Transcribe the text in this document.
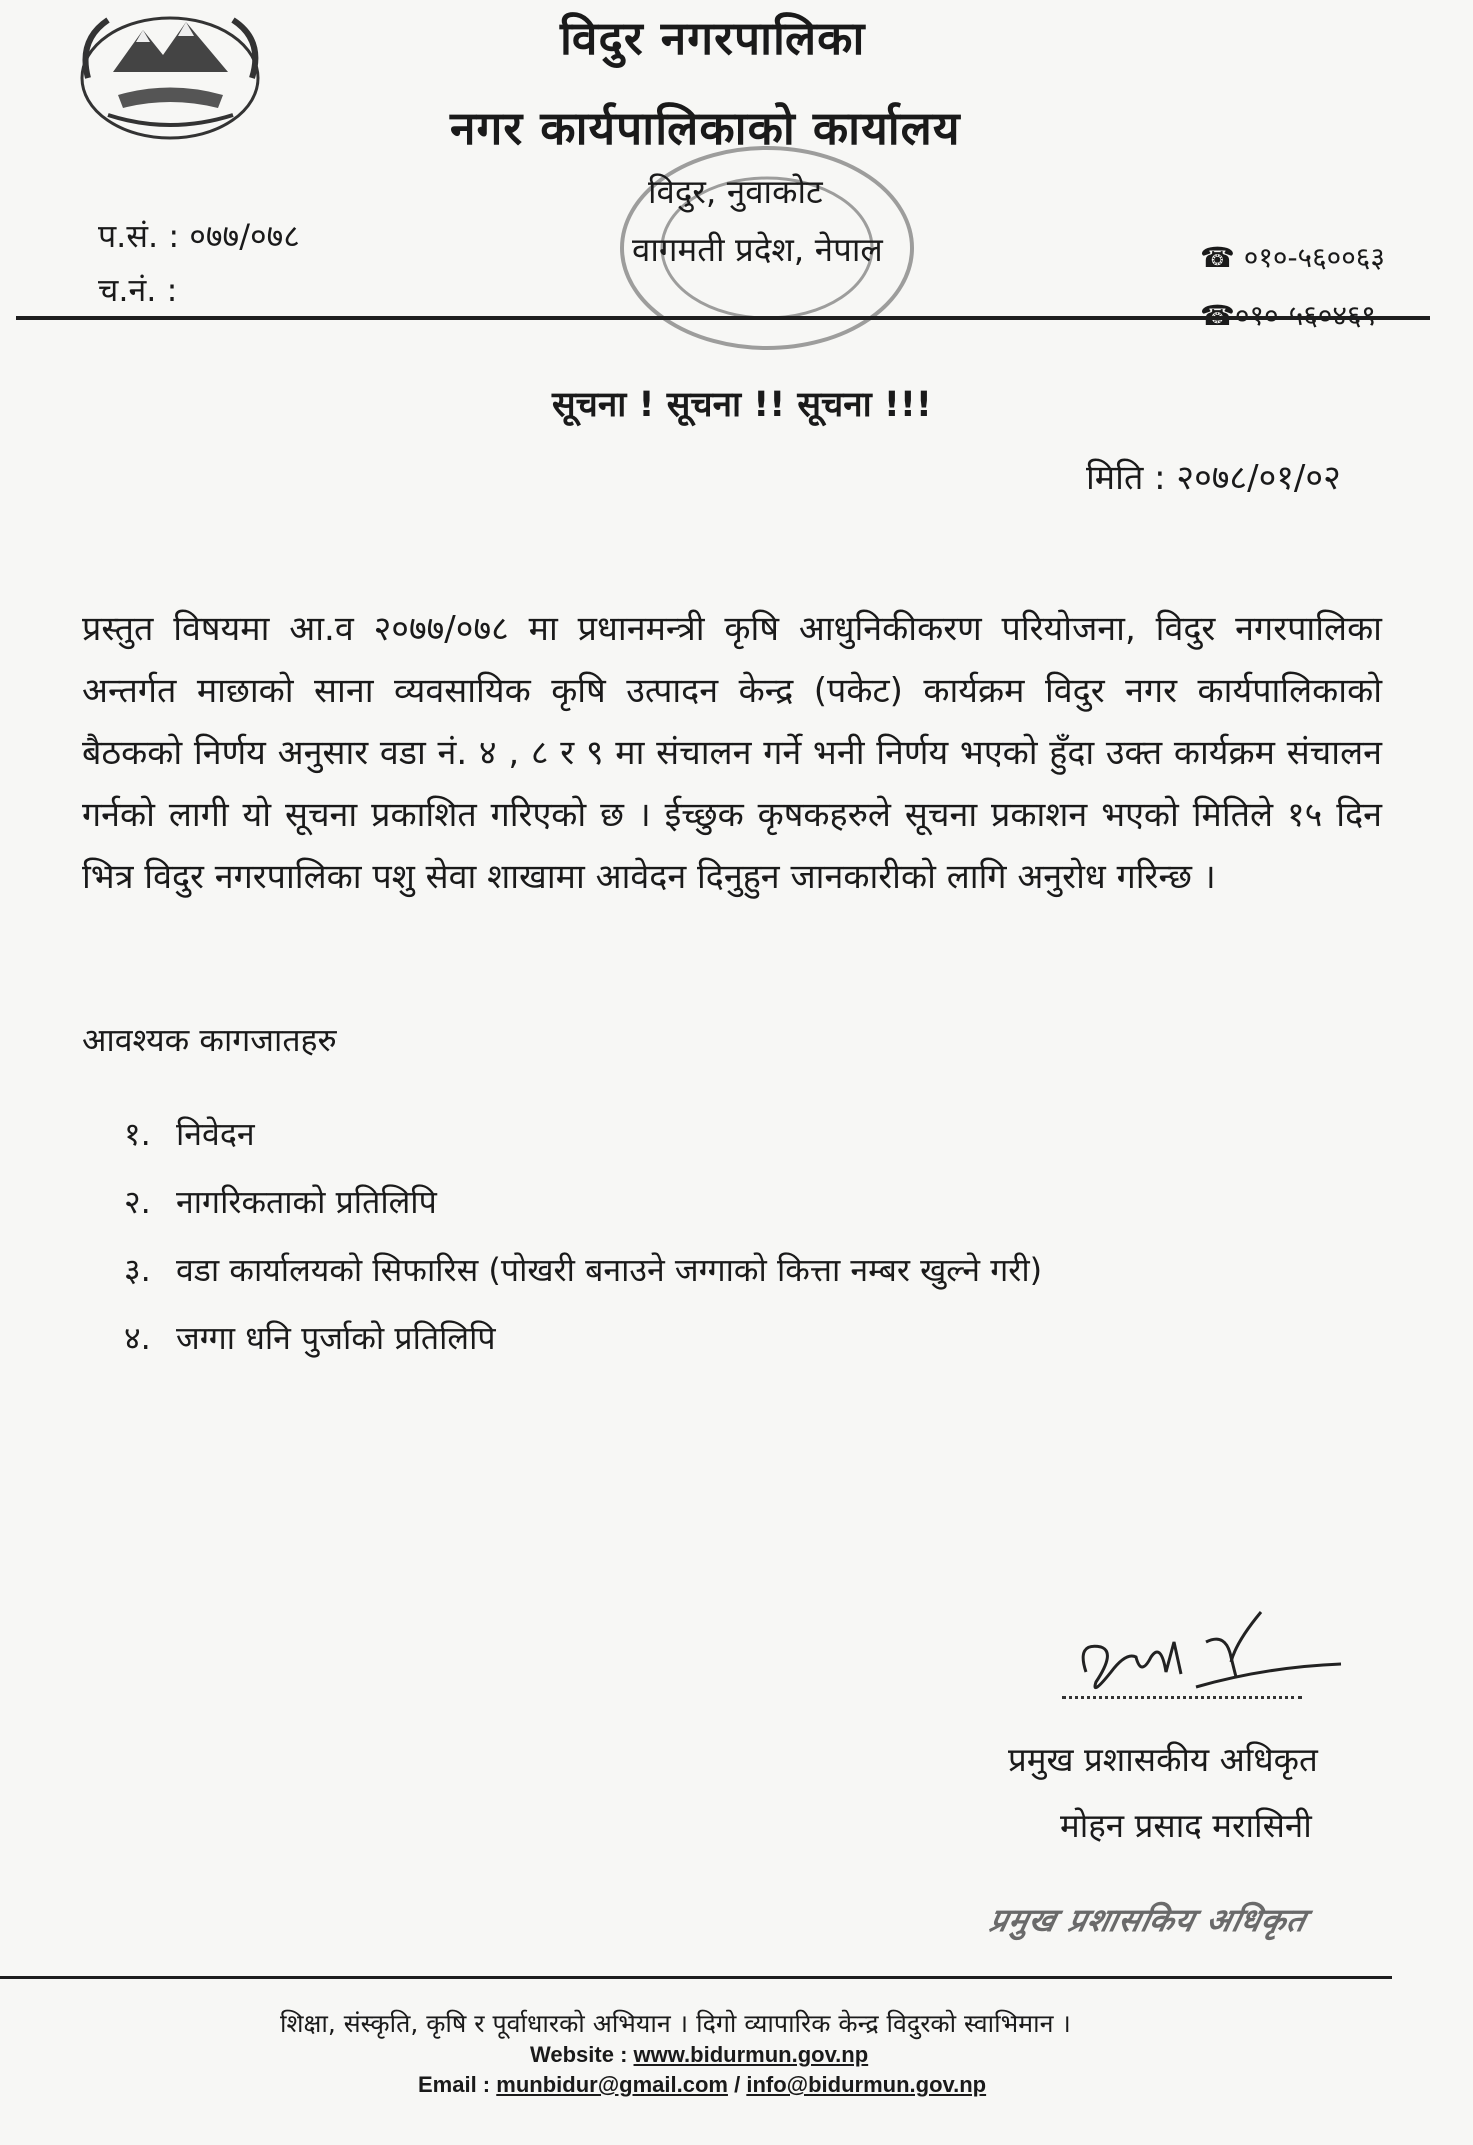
विदुर नगरपालिका
नगर कार्यपालिकाको कार्यालय
विदुर, नुवाकोट
वागमती प्रदेश, नेपाल
प.सं. : ०७७/०७८
च.नं. :
☎ ०१०-५६००६३
सूचना ! सूचना !! सूचना !!!
मिति : २०७८/०१/०२
प्रस्तुत विषयमा आ.व २०७७/०७८ मा प्रधानमन्त्री कृषि आधुनिकीकरण परियोजना, विदुर नगरपालिका अन्तर्गत माछाको साना व्यवसायिक कृषि उत्पादन केन्द्र (पकेट) कार्यक्रम विदुर नगर कार्यपालिकाको बैठकको निर्णय अनुसार वडा नं. ४ , ८ र ९ मा संचालन गर्ने भनी निर्णय भएको हुँदा उक्त कार्यक्रम संचालन गर्नको लागी यो सूचना प्रकाशित गरिएको छ । ईच्छुक कृषकहरुले सूचना प्रकाशन भएको मितिले १५ दिन भित्र विदुर नगरपालिका पशु सेवा शाखामा आवेदन दिनुहुन जानकारीको लागि अनुरोध गरिन्छ ।
आवश्यक कागजातहरु
१. निवेदन
२. नागरिकताको प्रतिलिपि
३. वडा कार्यालयको सिफारिस (पोखरी बनाउने जग्गाको कित्ता नम्बर खुल्ने गरी)
४. जग्गा धनि पुर्जाको प्रतिलिपि
प्रमुख प्रशासकीय अधिकृत
मोहन प्रसाद मरासिनी
प्रमुख प्रशासकिय अधिकृत
शिक्षा, संस्कृति, कृषि र पूर्वाधारको अभियान । दिगो व्यापारिक केन्द्र विदुरको स्वाभिमान ।
Website : www.bidurmun.gov.np
Email : munbidur@gmail.com / info@bidurmun.gov.np
